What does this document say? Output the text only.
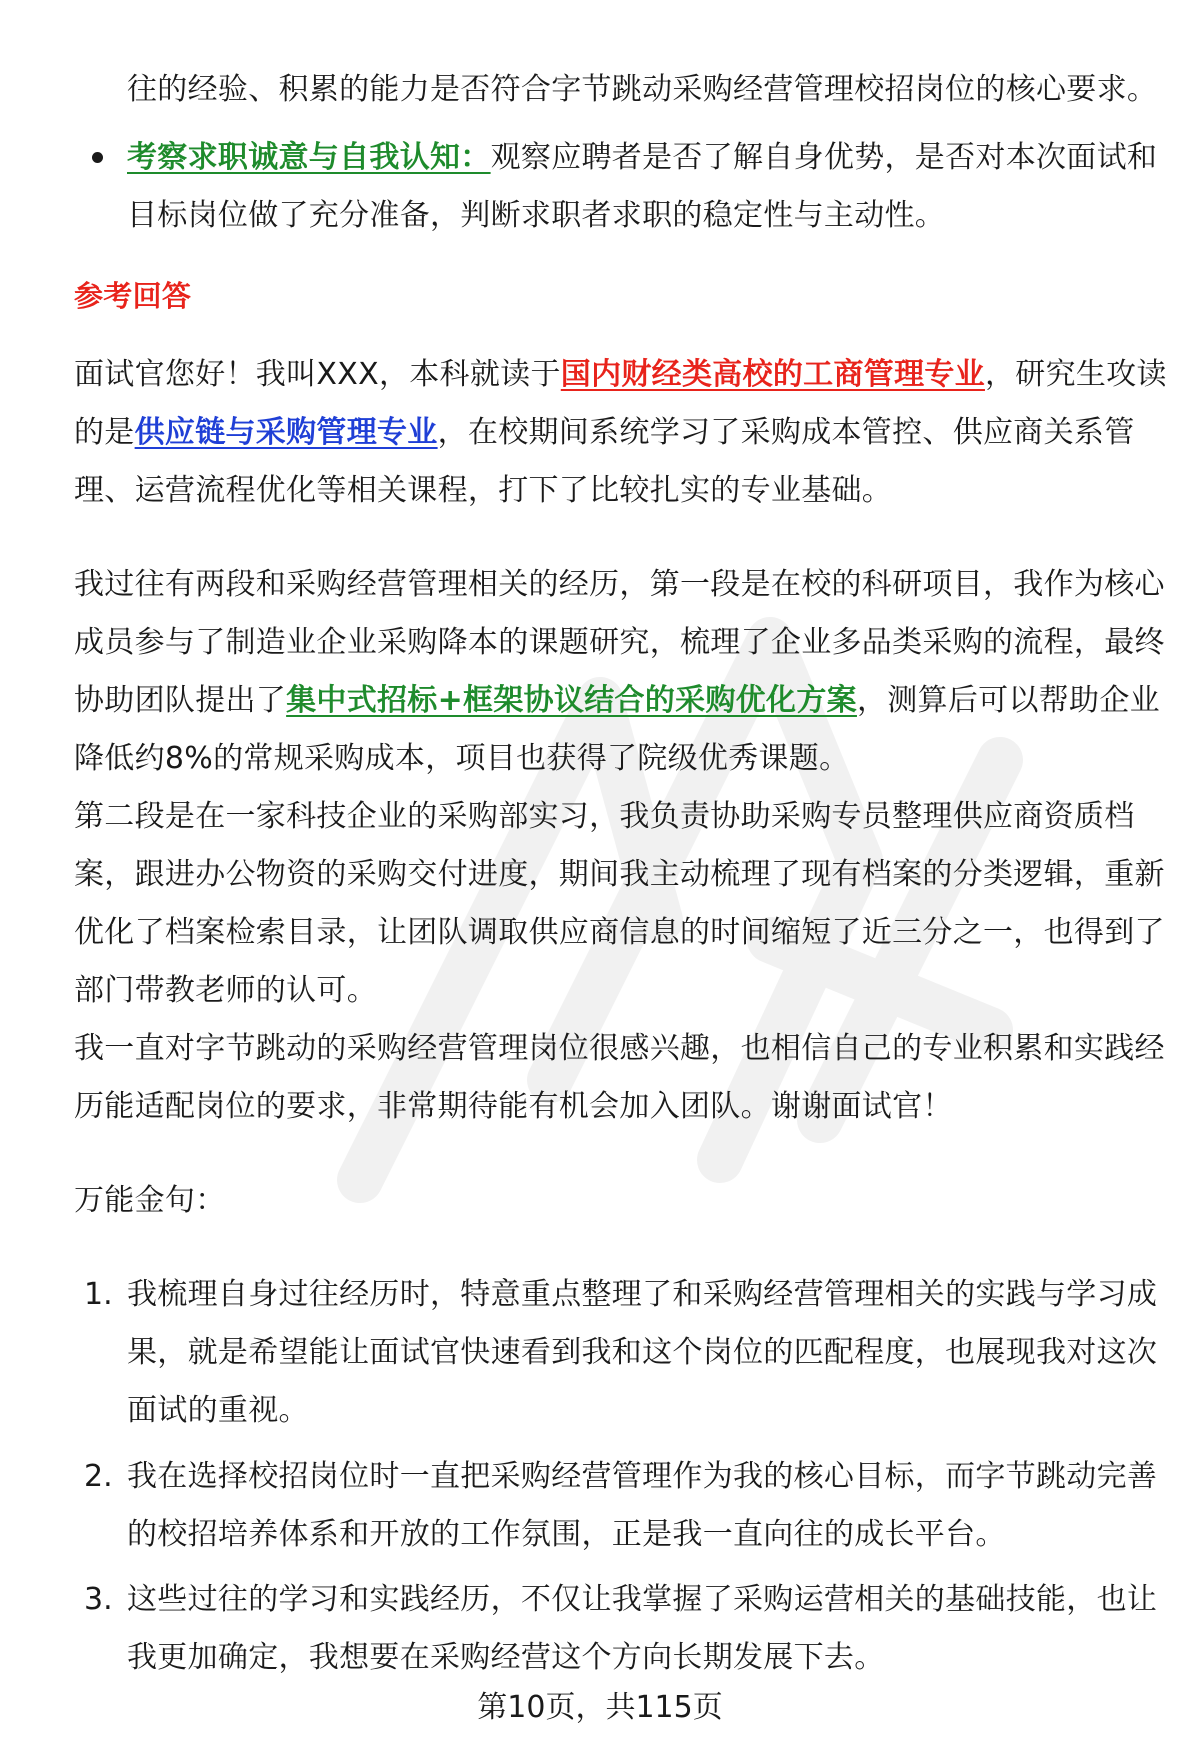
往的经验、积累的能力是否符合字节跳动采购经营管理校招岗位的核心要求。
考察求职诚意与自我认知：观察应聘者是否了解自身优势，是否对本次面试和
目标岗位做了充分准备，判断求职者求职的稳定性与主动性。
参考回答
面试官您好！我叫XXX，本科就读于国内财经类高校的工商管理专业，研究生攻读
的是供应链与采购管理专业，在校期间系统学习了采购成本管控、供应商关系管
理、运营流程优化等相关课程，打下了比较扎实的专业基础。
我过往有两段和采购经营管理相关的经历，第一段是在校的科研项目，我作为核心
成员参与了制造业企业采购降本的课题研究，梳理了企业多品类采购的流程，最终
协助团队提出了集中式招标+框架协议结合的采购优化方案，测算后可以帮助企业
降低约8%的常规采购成本，项目也获得了院级优秀课题。
第二段是在一家科技企业的采购部实习，我负责协助采购专员整理供应商资质档
案，跟进办公物资的采购交付进度，期间我主动梳理了现有档案的分类逻辑，重新
优化了档案检索目录，让团队调取供应商信息的时间缩短了近三分之一，也得到了
部门带教老师的认可。
我一直对字节跳动的采购经营管理岗位很感兴趣，也相信自己的专业积累和实践经
历能适配岗位的要求，非常期待能有机会加入团队。谢谢面试官！
万能金句：
1. 我梳理自身过往经历时，特意重点整理了和采购经营管理相关的实践与学习成
果，就是希望能让面试官快速看到我和这个岗位的匹配程度，也展现我对这次
面试的重视。
2. 我在选择校招岗位时一直把采购经营管理作为我的核心目标，而字节跳动完善
的校招培养体系和开放的工作氛围，正是我一直向往的成长平台。
3. 这些过往的学习和实践经历，不仅让我掌握了采购运营相关的基础技能，也让
我更加确定，我想要在采购经营这个方向长期发展下去。
第10页，共115页
